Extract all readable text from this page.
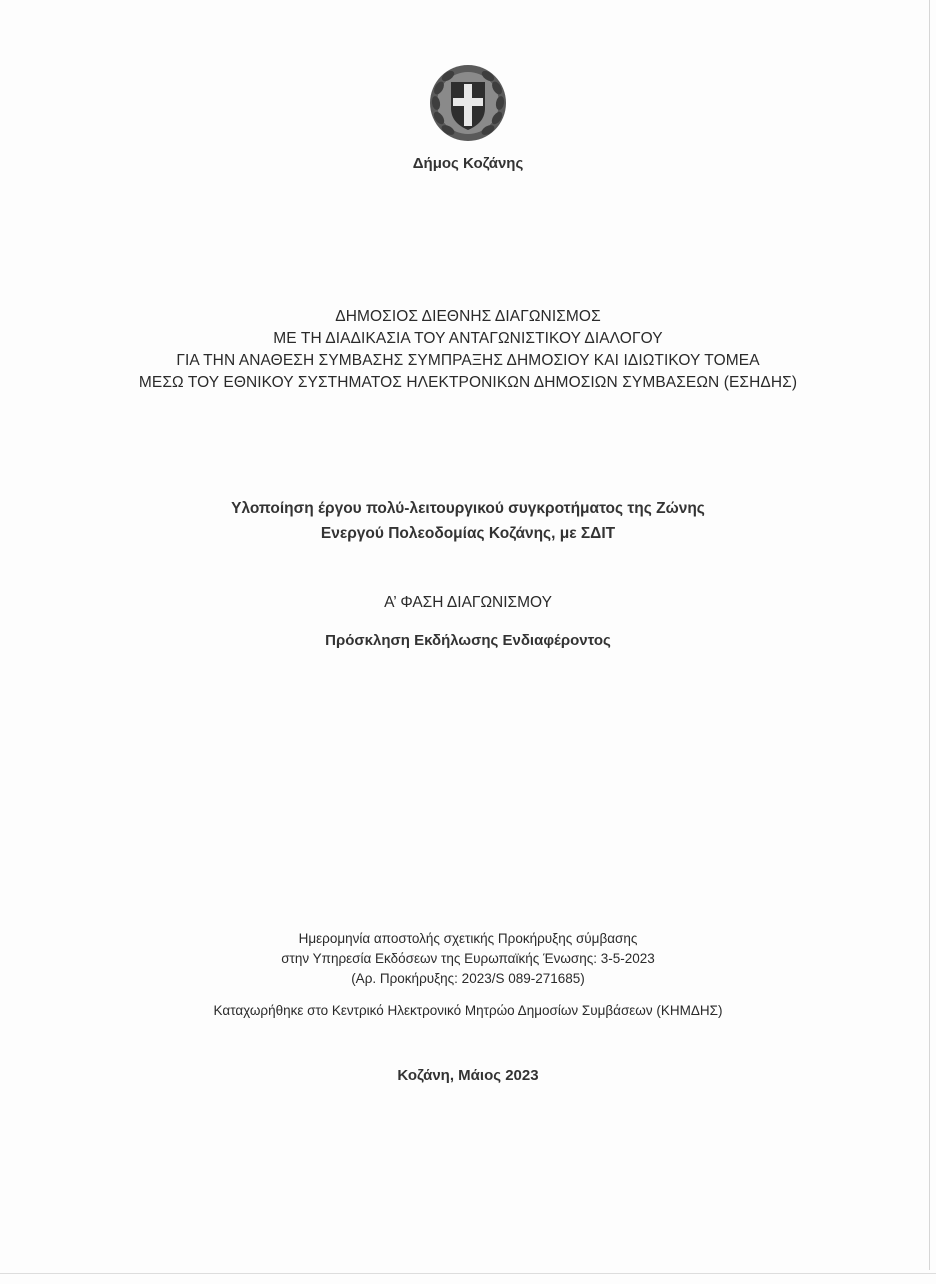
Δήμος Κοζάνης
ΔΗΜΟΣΙΟΣ ΔΙΕΘΝΗΣ ΔΙΑΓΩΝΙΣΜΟΣ
ΜΕ ΤΗ ΔΙΑΔΙΚΑΣΙΑ ΤΟΥ ΑΝΤΑΓΩΝΙΣΤΙΚΟΥ ΔΙΑΛΟΓΟΥ
ΓΙΑ ΤΗΝ ΑΝΑΘΕΣΗ ΣΥΜΒΑΣΗΣ ΣΥΜΠΡΑΞΗΣ ΔΗΜΟΣΙΟΥ ΚΑΙ ΙΔΙΩΤΙΚΟΥ ΤΟΜΕΑ
ΜΕΣΩ ΤΟΥ ΕΘΝΙΚΟΥ ΣΥΣΤΗΜΑΤΟΣ ΗΛΕΚΤΡΟΝΙΚΩΝ ΔΗΜΟΣΙΩΝ ΣΥΜΒΑΣΕΩΝ (ΕΣΗΔΗΣ)
Υλοποίηση έργου πολύ-λειτουργικού συγκροτήματος της Ζώνης
Ενεργού Πολεοδομίας Κοζάνης, με ΣΔΙΤ
Α’ ΦΑΣΗ ΔΙΑΓΩΝΙΣΜΟΥ
Πρόσκληση Εκδήλωσης Ενδιαφέροντος
Ημερομηνία αποστολής σχετικής Προκήρυξης σύμβασης
στην Υπηρεσία Εκδόσεων της Ευρωπαϊκής Ένωσης: 3-5-2023
(Αρ. Προκήρυξης: 2023/S 089-271685)
Καταχωρήθηκε στο Κεντρικό Ηλεκτρονικό Μητρώο Δημοσίων Συμβάσεων (ΚΗΜΔΗΣ)
Κοζάνη, Μάιος 2023
